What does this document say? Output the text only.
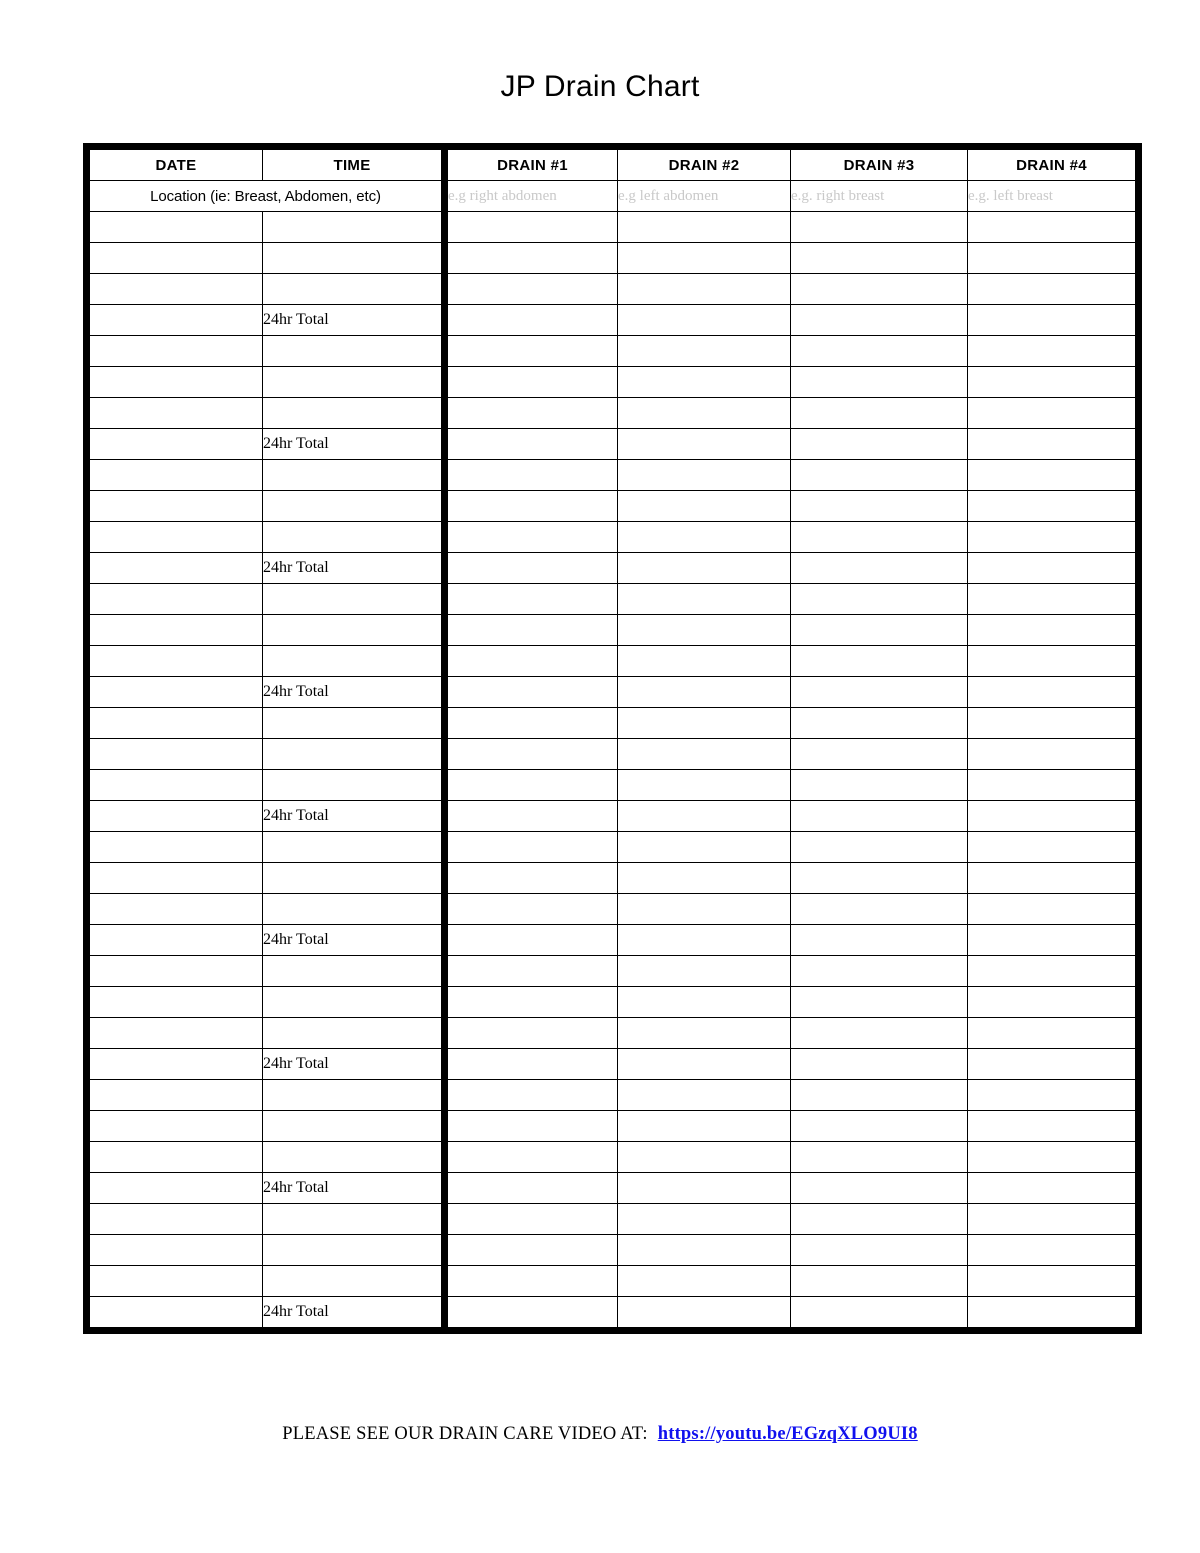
JP Drain Chart
DATE	TIME	DRAIN #1	DRAIN #2	DRAIN #3	DRAIN #4
Location (ie: Breast, Abdomen, etc)		e.g right abdomen	e.g left abdomen	e.g. right breast	e.g. left breast

	24hr Total				

	24hr Total				

	24hr Total				

	24hr Total				

	24hr Total				

	24hr Total				

	24hr Total				

	24hr Total				

	24hr Total				
PLEASE SEE OUR DRAIN CARE VIDEO AT: https://youtu.be/EGzqXLO9UI8
